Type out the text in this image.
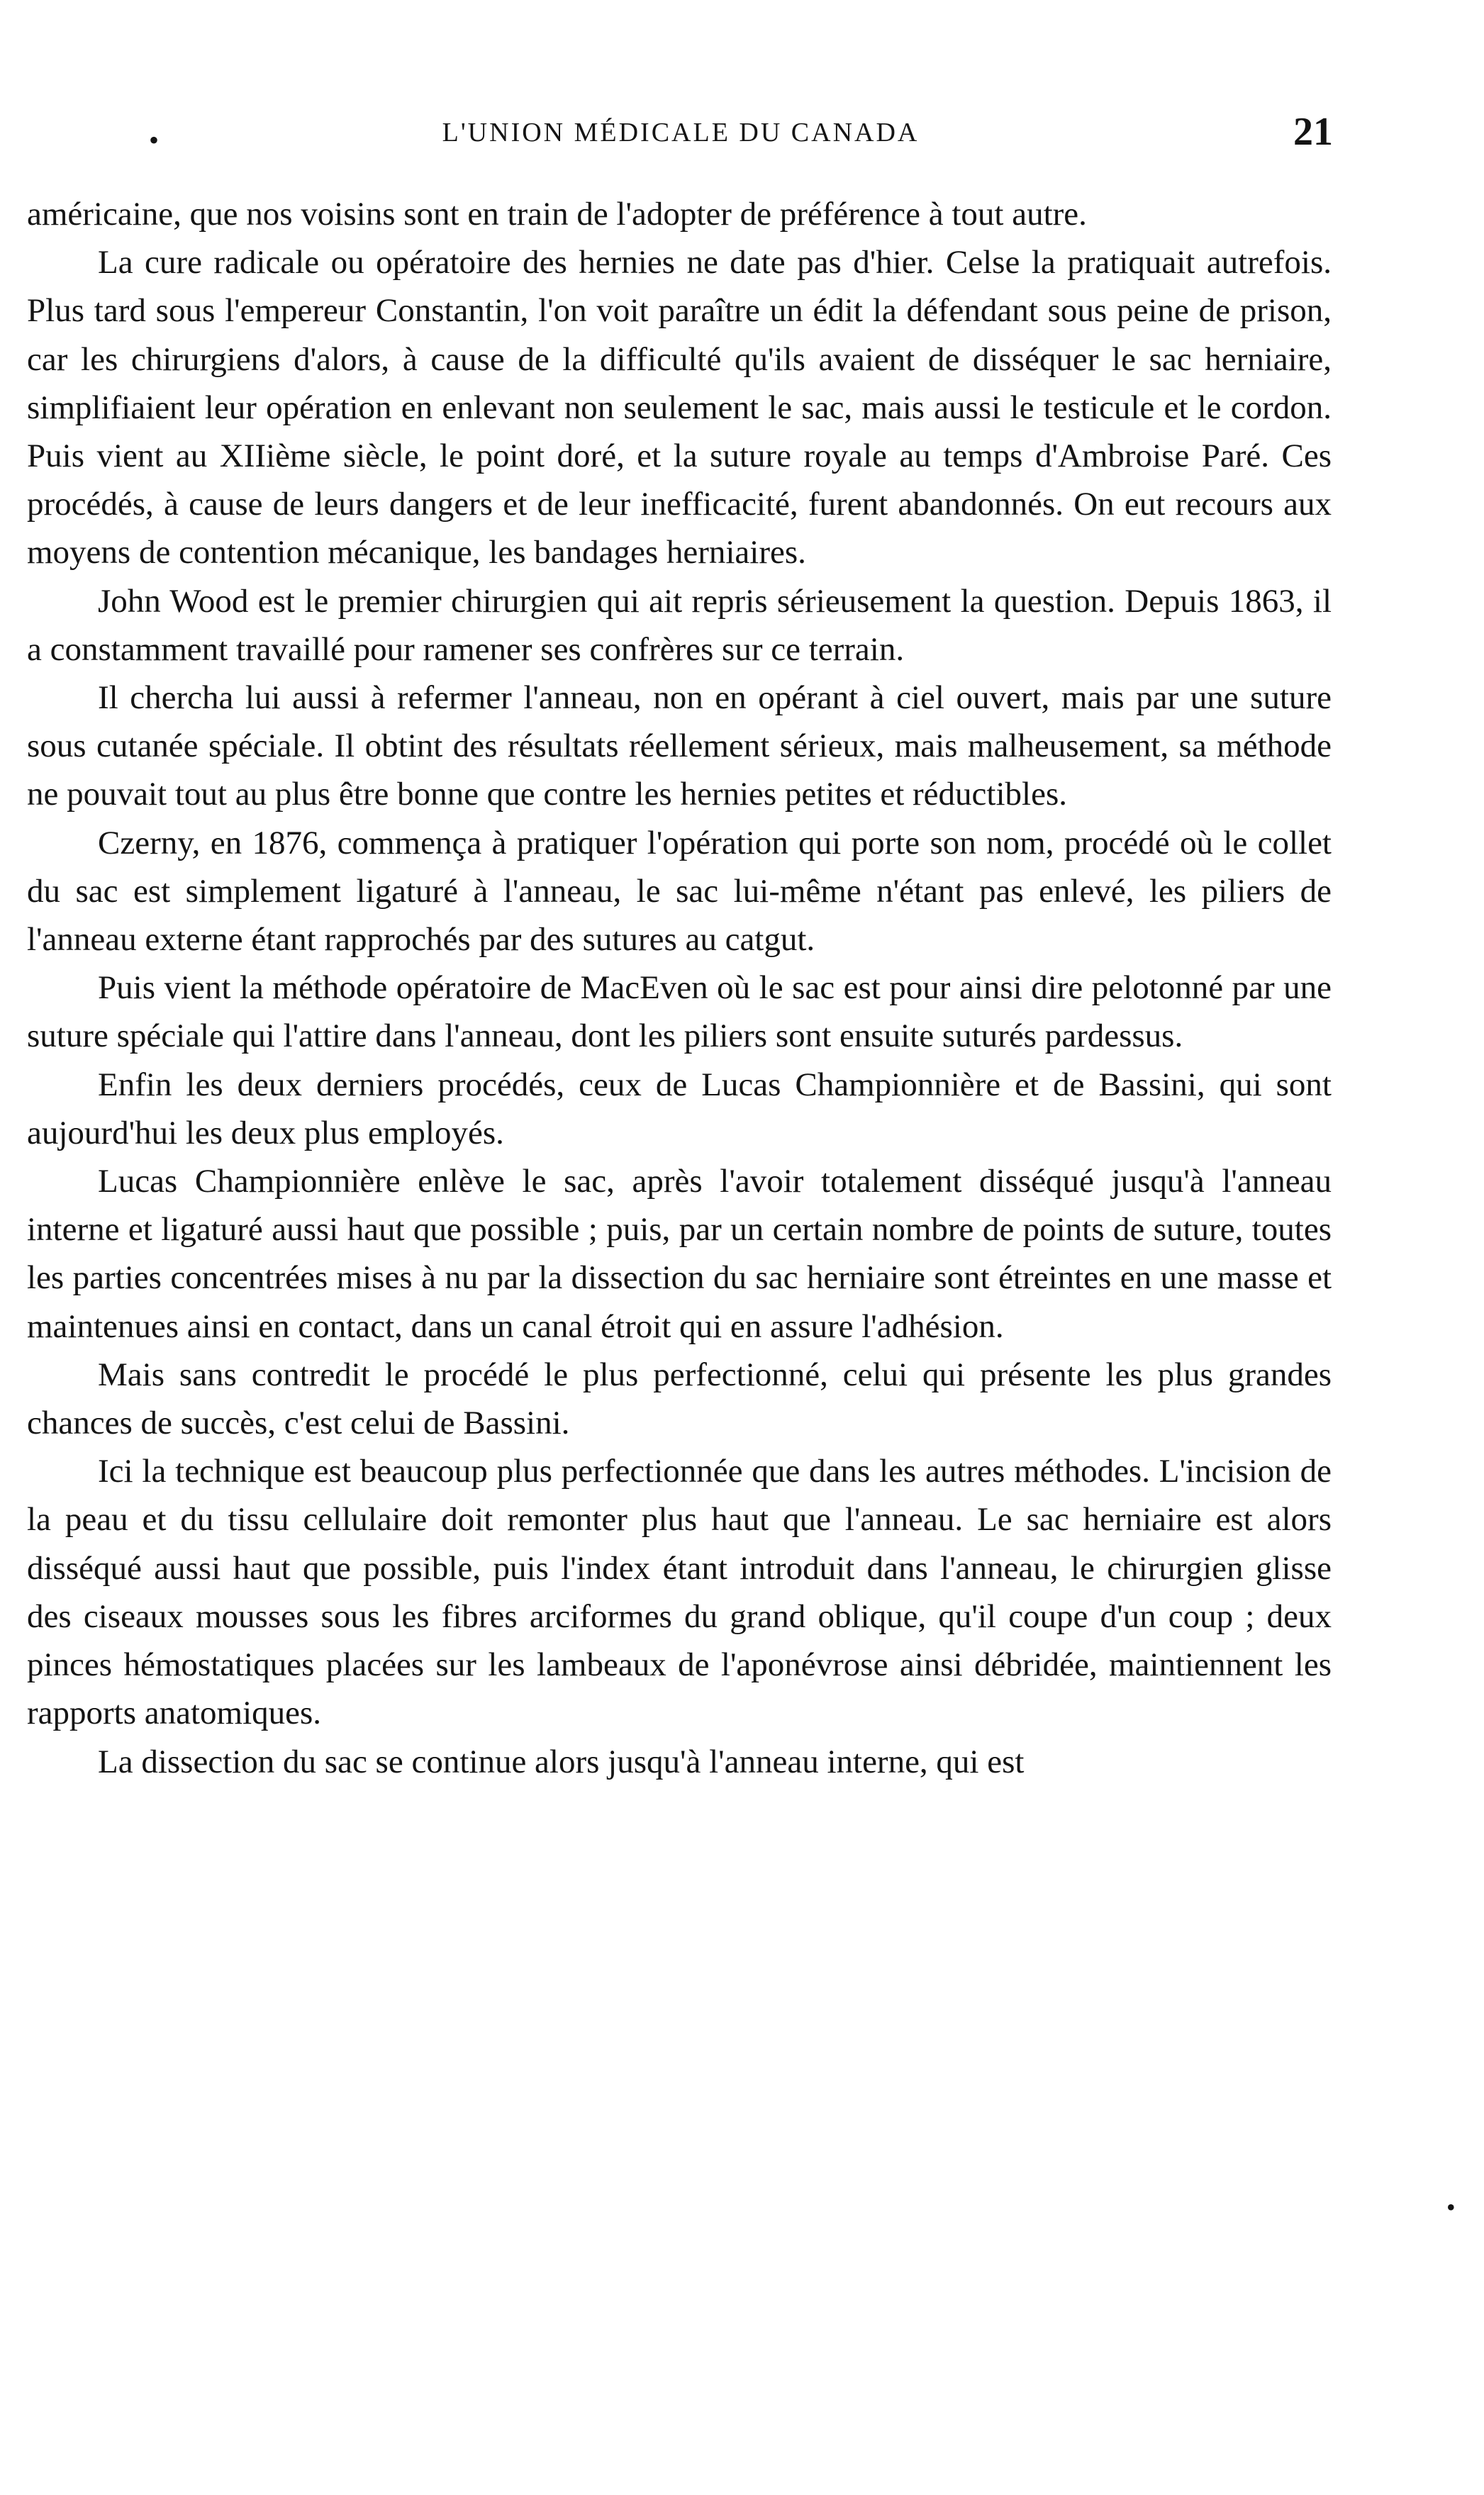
•	L'UNION MÉDICALE DU CANADA	21

américaine, que nos voisins sont en train de l'adopter de préférence à tout autre.

La cure radicale ou opératoire des hernies ne date pas d'hier. Celse la pratiquait autrefois. Plus tard sous l'empereur Constantin, l'on voit paraître un édit la défendant sous peine de prison, car les chirurgiens d'alors, à cause de la difficulté qu'ils avaient de disséquer le sac herniaire, simplifiaient leur opération en enlevant non seulement le sac, mais aussi le testicule et le cordon. Puis vient au XIIième siècle, le point doré, et la suture royale au temps d'Ambroise Paré. Ces procédés, à cause de leurs dangers et de leur inefficacité, furent abandonnés. On eut recours aux moyens de contention mécanique, les bandages herniaires.

John Wood est le premier chirurgien qui ait repris sérieusement la question. Depuis 1863, il a constamment travaillé pour ramener ses confrères sur ce terrain.

Il chercha lui aussi à refermer l'anneau, non en opérant à ciel ouvert, mais par une suture sous cutanée spéciale. Il obtint des résultats réellement sérieux, mais malheusement, sa méthode ne pouvait tout au plus être bonne que contre les hernies petites et réductibles.

Czerny, en 1876, commença à pratiquer l'opération qui porte son nom, procédé où le collet du sac est simplement ligaturé à l'anneau, le sac lui-même n'étant pas enlevé, les piliers de l'anneau externe étant rapprochés par des sutures au catgut.

Puis vient la méthode opératoire de MacEven où le sac est pour ainsi dire pelotonné par une suture spéciale qui l'attire dans l'anneau, dont les piliers sont ensuite suturés pardessus.

Enfin les deux derniers procédés, ceux de Lucas Championnière et de Bassini, qui sont aujourd'hui les deux plus employés.

Lucas Championnière enlève le sac, après l'avoir totalement disséqué jusqu'à l'anneau interne et ligaturé aussi haut que possible ; puis, par un certain nombre de points de suture, toutes les parties concentrées mises à nu par la dissection du sac herniaire sont étreintes en une masse et maintenues ainsi en contact, dans un canal étroit qui en assure l'adhésion.

Mais sans contredit le procédé le plus perfectionné, celui qui présente les plus grandes chances de succès, c'est celui de Bassini.

Ici la technique est beaucoup plus perfectionnée que dans les autres méthodes. L'incision de la peau et du tissu cellulaire doit remonter plus haut que l'anneau. Le sac herniaire est alors disséqué aussi haut que possible, puis l'index étant introduit dans l'anneau, le chirurgien glisse des ciseaux mousses sous les fibres arciformes du grand oblique, qu'il coupe d'un coup ; deux pinces hémostatiques placées sur les lambeaux de l'aponévrose ainsi débridée, maintiennent les rapports anatomiques.

La dissection du sac se continue alors jusqu'à l'anneau interne, qui est

•
